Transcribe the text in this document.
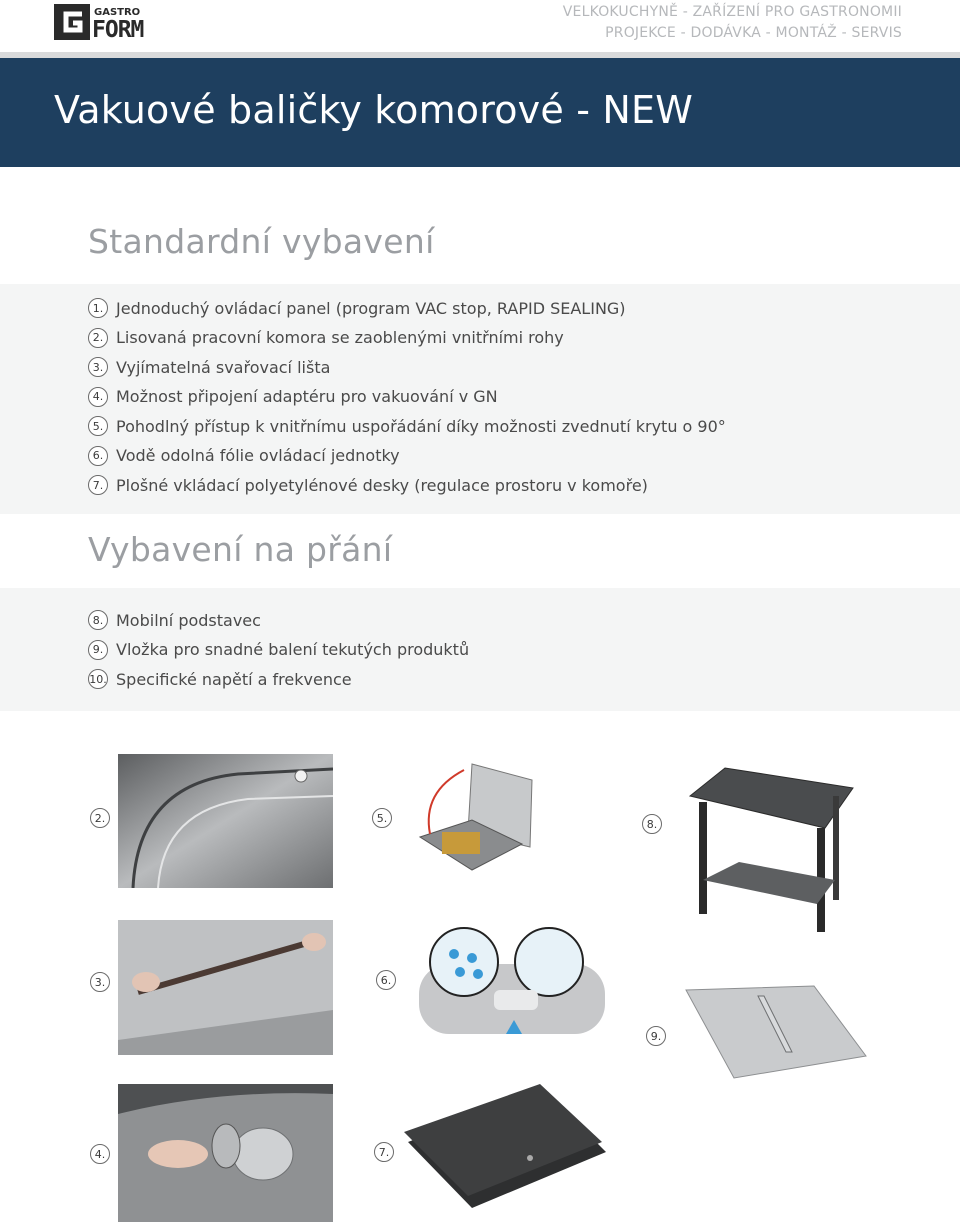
GASTRO
FORM
VELKOKUCHYNĚ - ZAŘÍZENÍ PRO GASTRONOMII
PROJEKCE - DODÁVKA - MONTÁŽ - SERVIS
Vakuové baličky komorové - NEW
Standardní vybavení
1. Jednoduchý ovládací panel (program VAC stop, RAPID SEALING)
2. Lisovaná pracovní komora se zaoblenými vnitřními rohy
3. Vyjímatelná svařovací lišta
4. Možnost připojení adaptéru pro vakuování v GN
5. Pohodlný přístup k vnitřnímu uspořádání díky možnosti zvednutí krytu o 90°
6. Vodě odolná fólie ovládací jednotky
7. Plošné vkládací polyetylénové desky (regulace prostoru v komoře)
Vybavení na přání
8. Mobilní podstavec
9. Vložka pro snadné balení tekutých produktů
10. Specifické napětí a frekvence
2.	5.	8.
3.	6.
9.
4.	7.
